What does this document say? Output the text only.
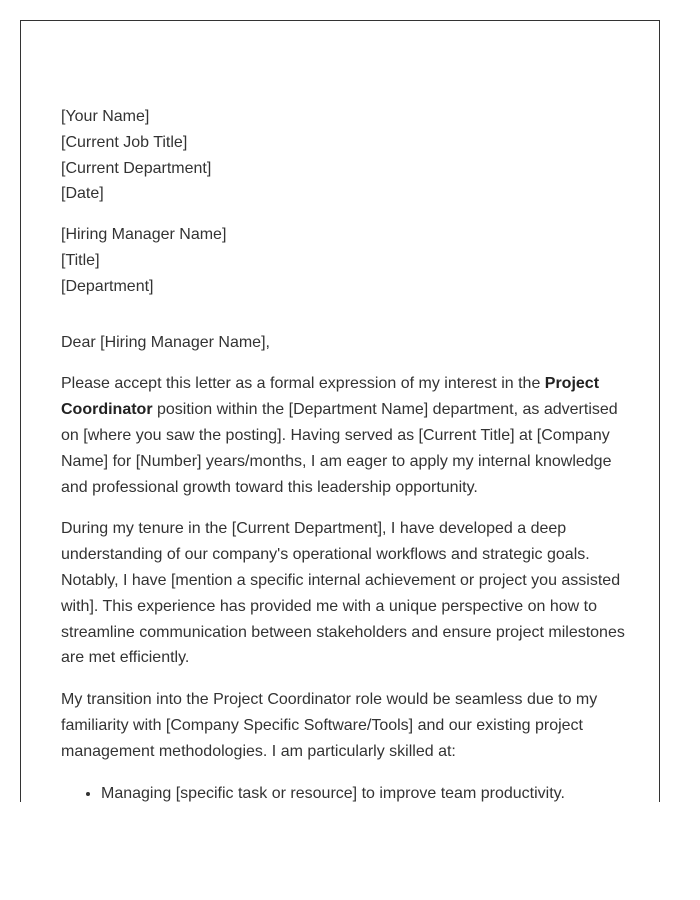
[Your Name]

[Current Job Title]

[Current Department]

[Date]

[Hiring Manager Name]

[Title]

[Department]

Dear [Hiring Manager Name],

Please accept this letter as a formal expression of my interest in the Project Coordinator position within the [Department Name] department, as advertised on [where you saw the posting]. Having served as [Current Title] at [Company Name] for [Number] years/months, I am eager to apply my internal knowledge and professional growth toward this leadership opportunity.

During my tenure in the [Current Department], I have developed a deep understanding of our company's operational workflows and strategic goals. Notably, I have [mention a specific internal achievement or project you assisted with]. This experience has provided me with a unique perspective on how to streamline communication between stakeholders and ensure project milestones are met efficiently.

My transition into the Project Coordinator role would be seamless due to my familiarity with [Company Specific Software/Tools] and our existing project management methodologies. I am particularly skilled at:

• Managing [specific task or resource] to improve team productivity.
